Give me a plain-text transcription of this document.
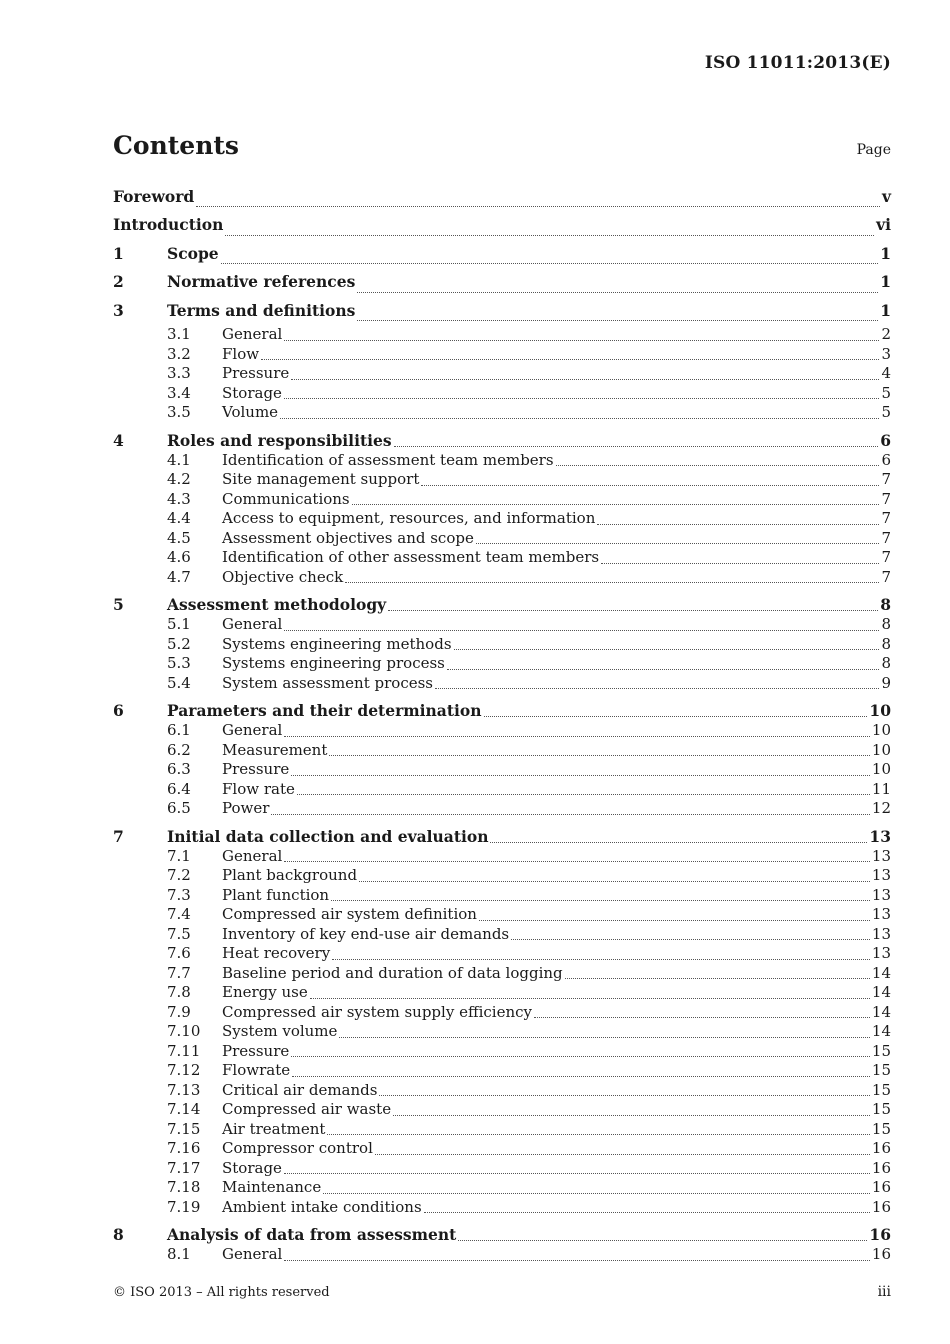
ISO 11011:2013(E)
Contents	Page
Foreword	v
Introduction	vi
1	Scope	1
2	Normative references	1
3	Terms and definitions	1
3.1	General	2
3.2	Flow	3
3.3	Pressure	4
3.4	Storage	5
3.5	Volume	5
4	Roles and responsibilities	6
4.1	Identification of assessment team members	6
4.2	Site management support	7
4.3	Communications	7
4.4	Access to equipment, resources, and information	7
4.5	Assessment objectives and scope	7
4.6	Identification of other assessment team members	7
4.7	Objective check	7
5	Assessment methodology	8
5.1	General	8
5.2	Systems engineering methods	8
5.3	Systems engineering process	8
5.4	System assessment process	9
6	Parameters and their determination	10
6.1	General	10
6.2	Measurement	10
6.3	Pressure	10
6.4	Flow rate	11
6.5	Power	12
7	Initial data collection and evaluation	13
7.1	General	13
7.2	Plant background	13
7.3	Plant function	13
7.4	Compressed air system definition	13
7.5	Inventory of key end-use air demands	13
7.6	Heat recovery	13
7.7	Baseline period and duration of data logging	14
7.8	Energy use	14
7.9	Compressed air system supply efficiency	14
7.10	System volume	14
7.11	Pressure	15
7.12	Flowrate	15
7.13	Critical air demands	15
7.14	Compressed air waste	15
7.15	Air treatment	15
7.16	Compressor control	16
7.17	Storage	16
7.18	Maintenance	16
7.19	Ambient intake conditions	16
8	Analysis of data from assessment	16
8.1	General	16
© ISO 2013 – All rights reserved	iii
